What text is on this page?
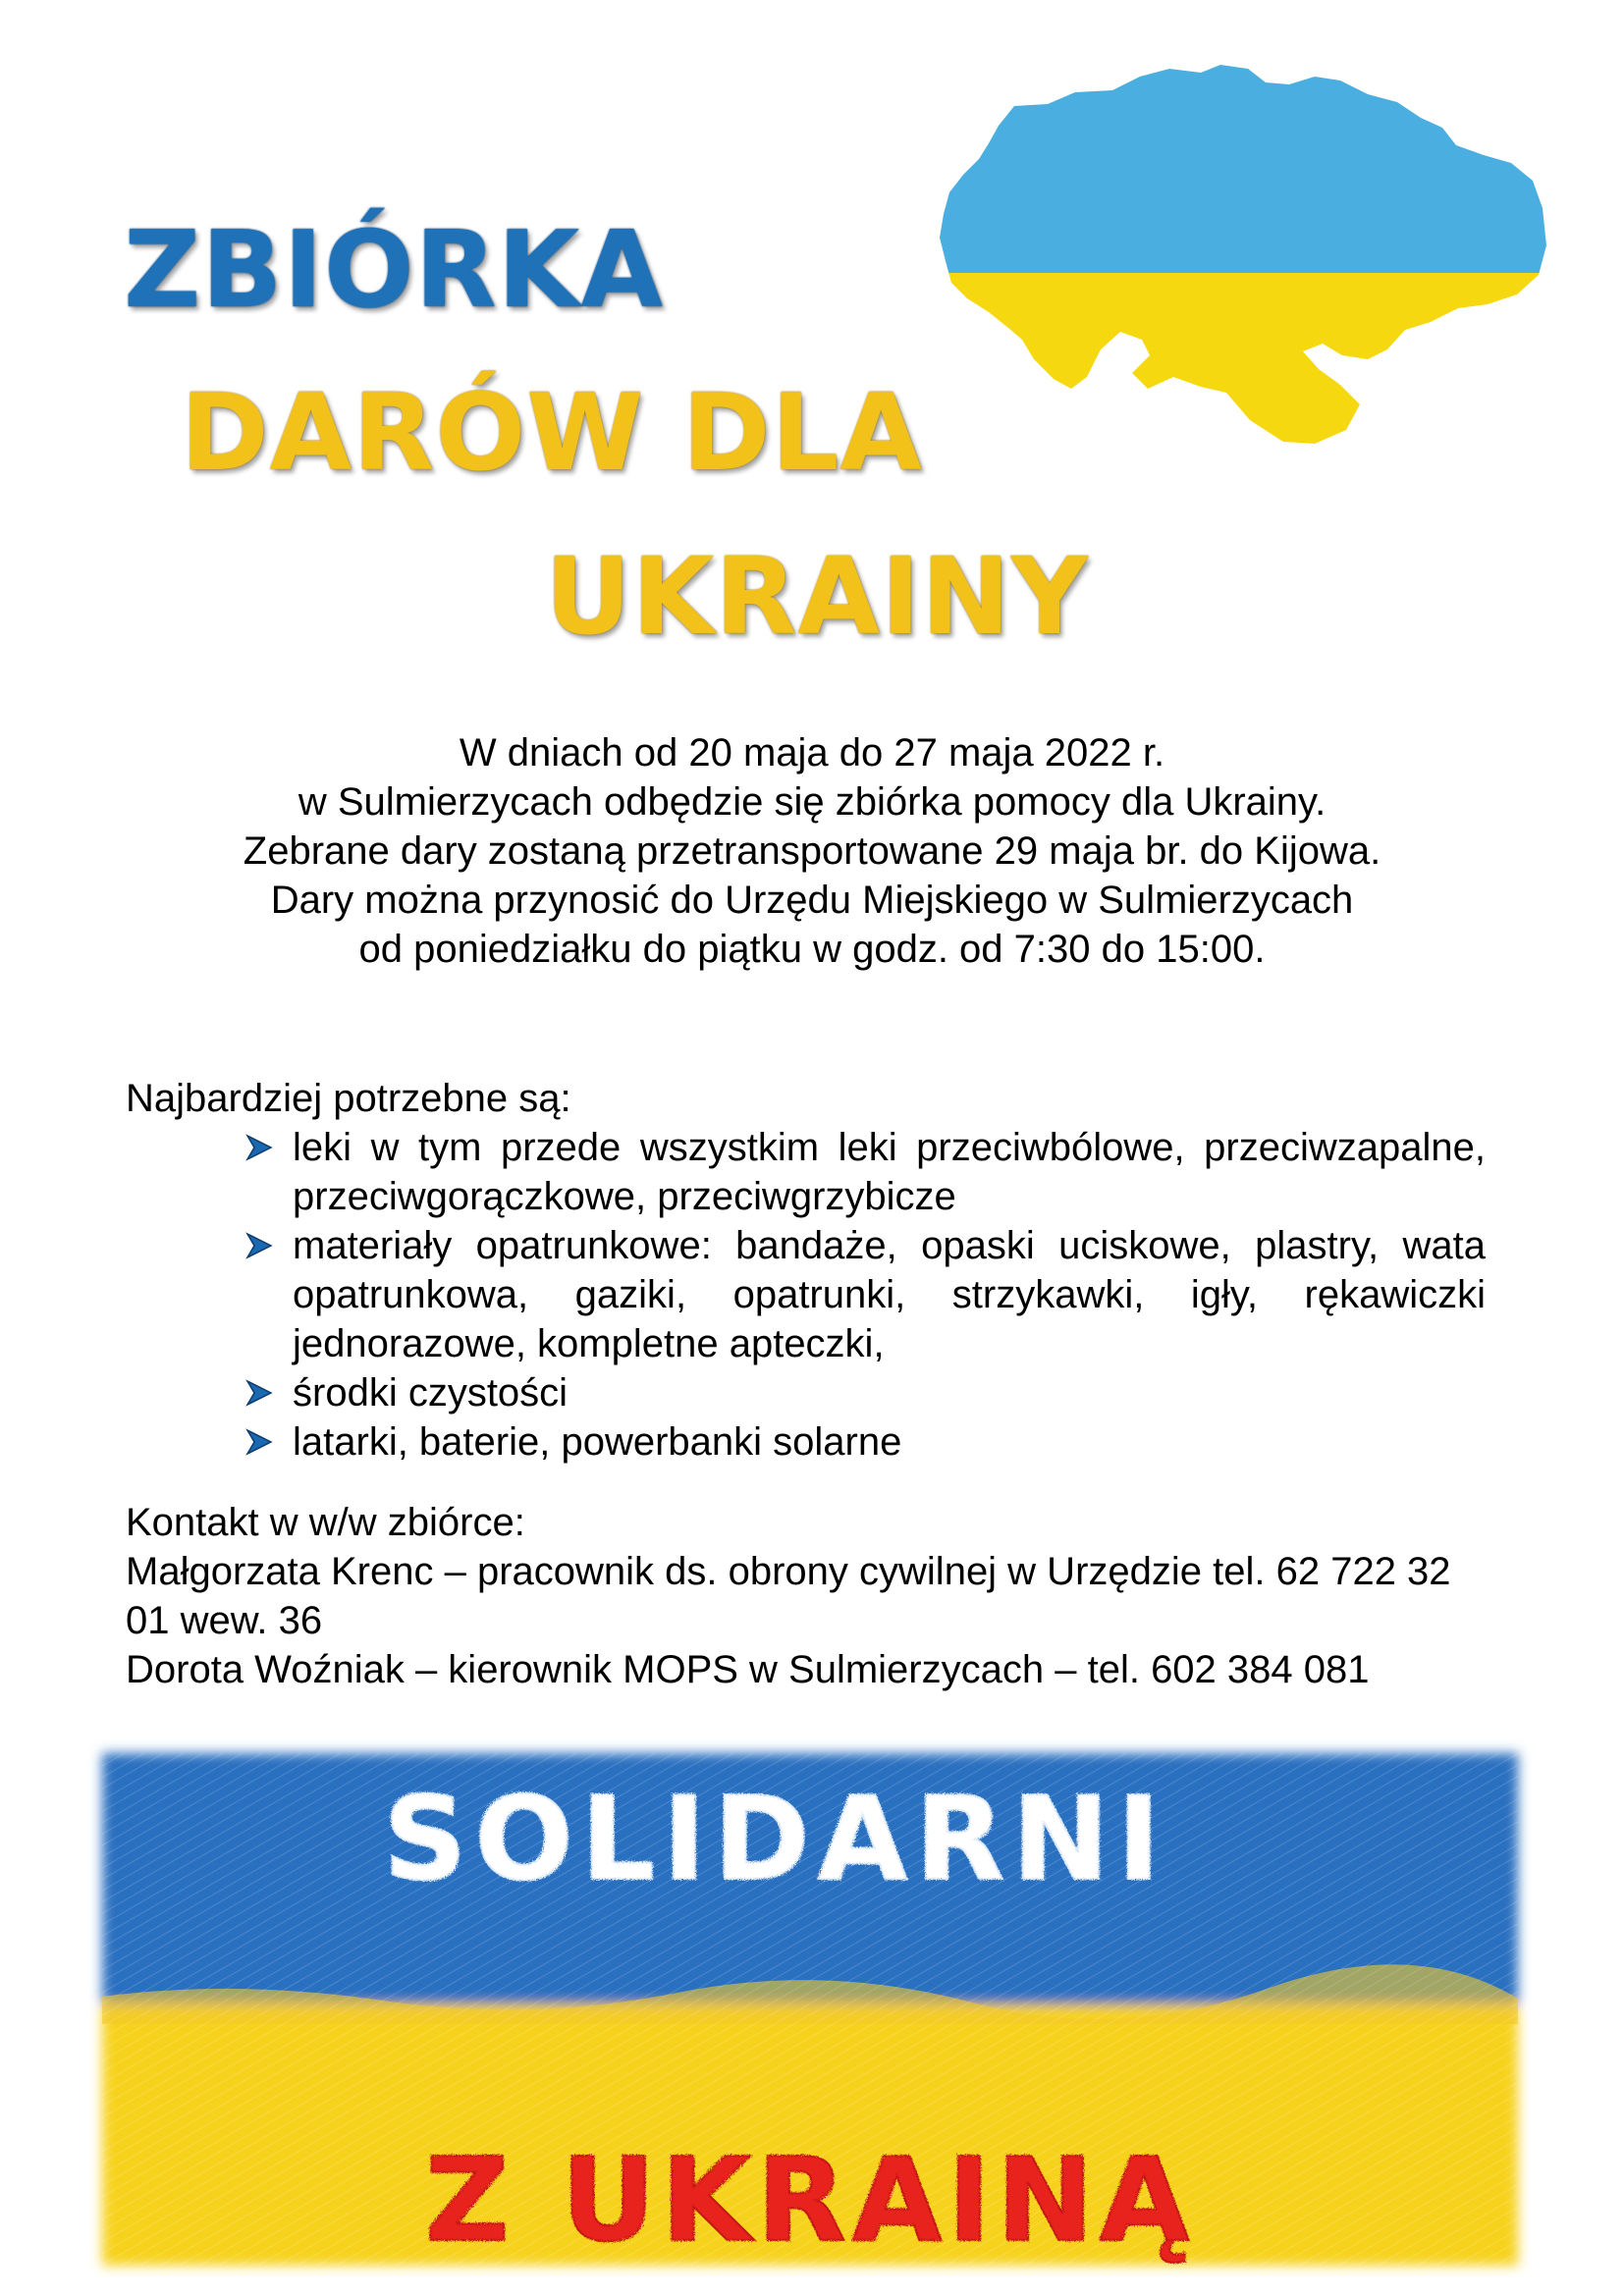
ZBIÓRKA
DARÓW DLA
UKRAINY

W dniach od 20 maja do 27 maja 2022 r.

w Sulmierzycach odbędzie się zbiórka pomocy dla Ukrainy.

Zebrane dary zostaną przetransportowane 29 maja br. do Kijowa.

Dary można przynosić do Urzędu Miejskiego w Sulmierzycach

od poniedziałku do piątku w godz. od 7:30 do 15:00.

Najbardziej potrzebne są:

leki w tym przede wszystkim leki przeciwbólowe, przeciwzapalne, przeciwgorączkowe, przeciwgrzybicze
materiały opatrunkowe: bandaże, opaski uciskowe, plastry, wata opatrunkowa, gaziki, opatrunki, strzykawki, igły, rękawiczki jednorazowe, kompletne apteczki,
środki czystości
latarki, baterie, powerbanki solarne

Kontakt w w/w zbiórce:

Małgorzata Krenc – pracownik ds. obrony cywilnej w Urzędzie tel. 62 722 32 01 wew. 36

Dorota Woźniak – kierownik MOPS w Sulmierzycach – tel. 602 384 081

SOLIDARNI
Z UKRAINĄ
